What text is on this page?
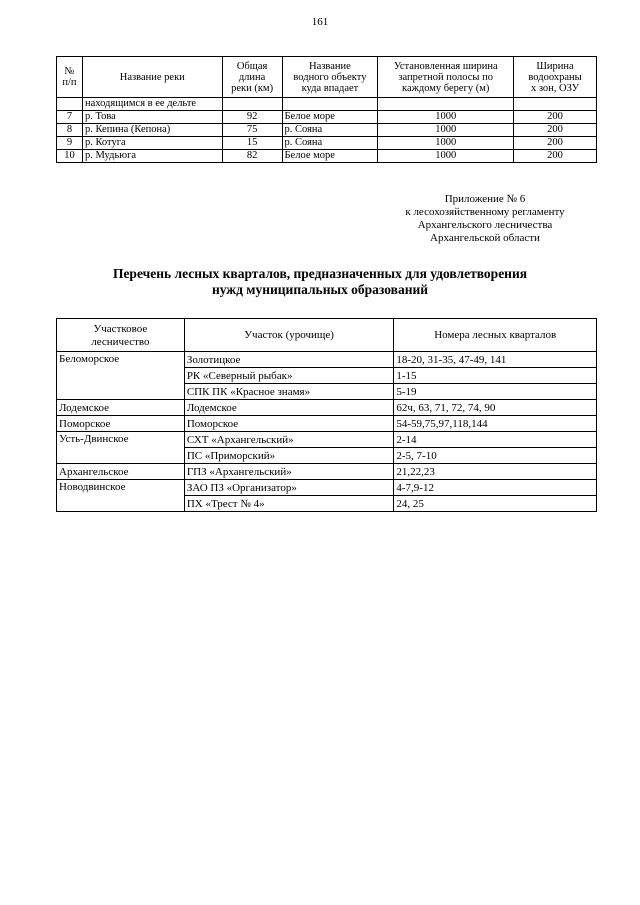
161
№
п/п	Название реки	Общая
длина
реки (км)	Название
водного объекту
куда впадает	Установленная ширина
запретной полосы по
каждому берегу (м)	Ширина
водоохраны
х зон, ОЗУ
	находящимся в ее дельте				
7	р. Това	92	Белое море	1000	200
8	р. Кепина (Кепона)	75	р. Сояна	1000	200
9	р. Котуга	15	р. Сояна	1000	200
10	р. Мудьюга	82	Белое море	1000	200
Приложение № 6
к лесохозяйственному регламенту
Архангельского лесничества
Архангельской области
Перечень лесных кварталов, предназначенных для удовлетворения
нужд муниципальных образований
Участковое
лесничество	Участок (урочище)	Номера лесных кварталов
Беломорское	Золотицкое	18-20, 31-35, 47-49, 141
	РК «Северный рыбак»	1-15
	СПК ПК «Красное знамя»	5-19
Лодемское	Лодемское	62ч, 63, 71, 72, 74, 90
Поморское	Поморское	54-59,75,97,118,144
Усть-Двинское	СХТ «Архангельский»	2-14
	ПС «Приморский»	2-5, 7-10
Архангельское	ГПЗ «Архангельский»	21,22,23
Новодвинское	ЗАО ПЗ «Организатор»	4-7,9-12
	ПХ «Трест № 4»	24, 25
